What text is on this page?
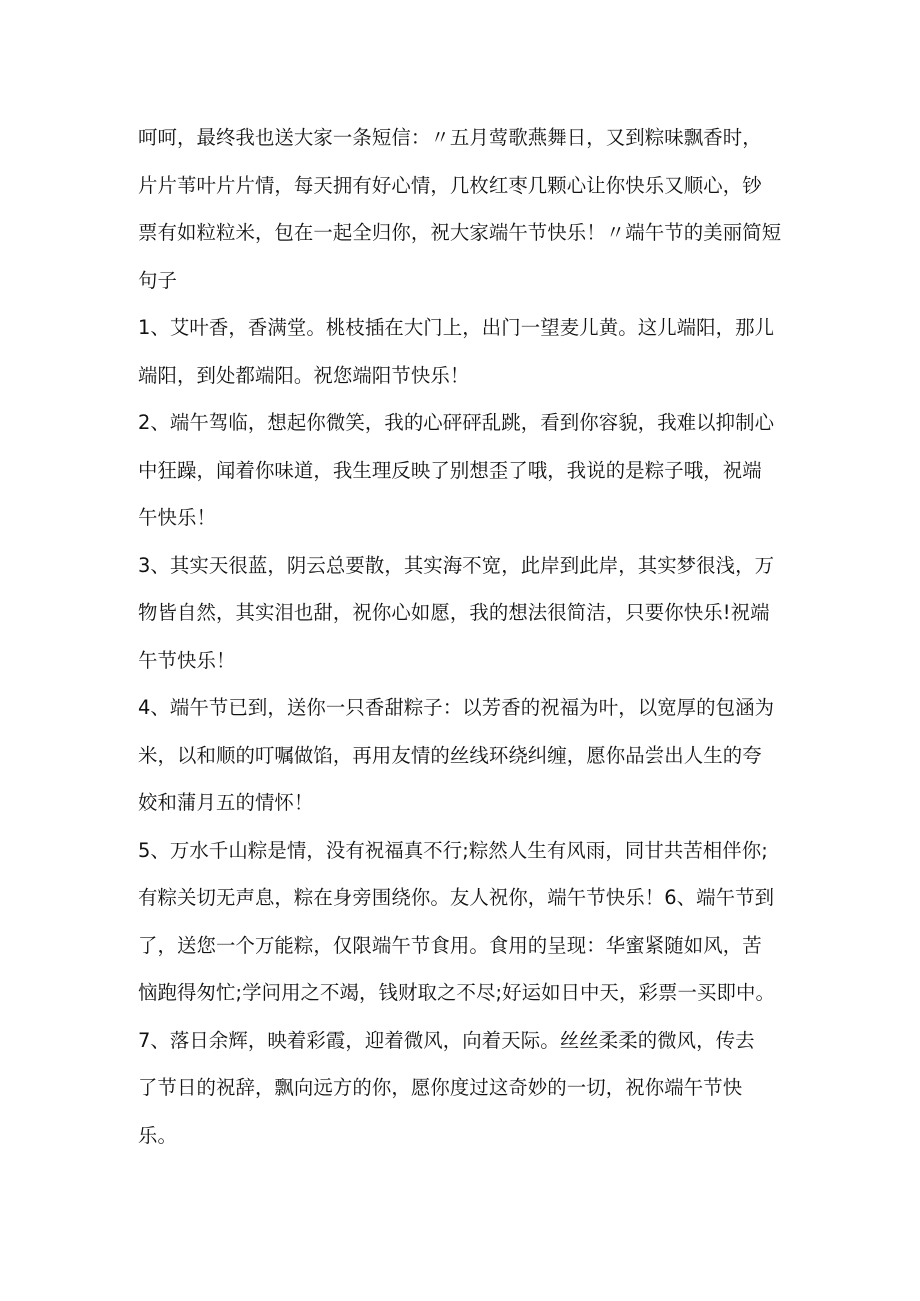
呵呵，最终我也送大家一条短信：〃五月莺歌燕舞日，又到粽味飘香时，
片片苇叶片片情，每天拥有好心情，几枚红枣几颗心让你快乐又顺心，钞
票有如粒粒米，包在一起全归你，祝大家端午节快乐！〃端午节的美丽简短
句子
1、艾叶香，香满堂。桃枝插在大门上，出门一望麦儿黄。这儿端阳，那儿
端阳，到处都端阳。祝您端阳节快乐！
2、端午驾临，想起你微笑，我的心砰砰乱跳，看到你容貌，我难以抑制心
中狂躁，闻着你味道，我生理反映了别想歪了哦，我说的是粽子哦，祝端
午快乐！
3、其实天很蓝，阴云总要散，其实海不宽，此岸到此岸，其实梦很浅，万
物皆自然，其实泪也甜，祝你心如愿，我的想法很简洁，只要你快乐!祝端
午节快乐！
4、端午节已到，送你一只香甜粽子：以芳香的祝福为叶，以宽厚的包涵为
米，以和顺的叮嘱做馅，再用友情的丝线环绕纠缠，愿你品尝出人生的夸
姣和蒲月五的情怀！
5、万水千山粽是情，没有祝福真不行;粽然人生有风雨，同甘共苦相伴你;
有粽关切无声息，粽在身旁围绕你。友人祝你，端午节快乐！6、端午节到
了，送您一个万能粽，仅限端午节食用。食用的呈现：华蜜紧随如风，苦
恼跑得匆忙;学问用之不竭，钱财取之不尽;好运如日中天，彩票一买即中。
7、落日余辉，映着彩霞，迎着微风，向着天际。丝丝柔柔的微风，传去
了节日的祝辞，飘向远方的你，愿你度过这奇妙的一切，祝你端午节快
乐。
